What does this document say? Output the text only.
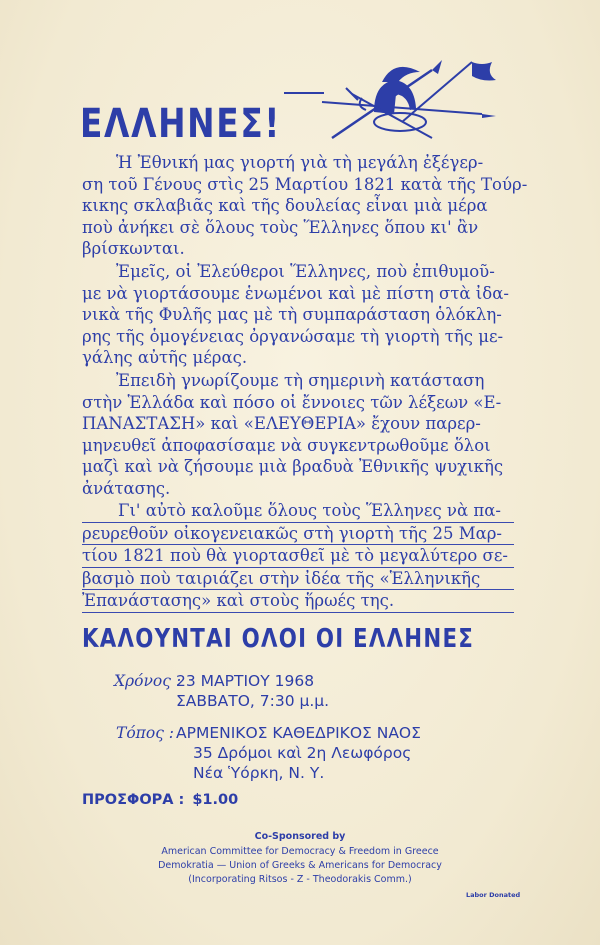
ΕΛΛΗΝΕΣ!
Ἡ Ἐθνική μας γιορτή γιὰ τὴ μεγάλη ἐξέγερ-
ση τοῦ Γένους στὶς 25 Μαρτίου 1821 κατὰ τῆς Τούρ-
κικης σκλαβιᾶς καὶ τῆς δουλείας εἶναι μιὰ μέρα
ποὺ ἀνήκει σὲ ὅλους τοὺς Ἕλληνες ὅπου κι' ἂν
βρίσκωνται.
Ἐμεῖς, οἱ Ἐλεύθεροι Ἕλληνες, ποὺ ἐπιθυμοῦ-
με νὰ γιορτάσουμε ἑνωμένοι καὶ μὲ πίστη στὰ ἰδα-
νικὰ τῆς Φυλῆς μας μὲ τὴ συμπαράσταση ὁλόκλη-
ρης τῆς ὁμογένειας ὀργανώσαμε τὴ γιορτὴ τῆς με-
γάλης αὐτῆς μέρας.
Ἐπειδὴ γνωρίζουμε τὴ σημερινὴ κατάσταση
στὴν Ἑλλάδα καὶ πόσο οἱ ἔννοιες τῶν λέξεων «Ε-
ΠΑΝΑΣΤΑΣΗ» καὶ «ΕΛΕΥΘΕΡΙΑ» ἔχουν παρερ-
μηνευθεῖ ἀποφασίσαμε νὰ συγκεντρωθοῦμε ὅλοι
μαζὶ καὶ νὰ ζήσουμε μιὰ βραδυὰ Ἐθνικῆς ψυχικῆς
ἀνάτασης.
Γι' αὐτὸ καλοῦμε ὅλους τοὺς Ἕλληνες νὰ πα-
ρευρεθοῦν οἰκογενειακῶς στὴ γιορτὴ τῆς 25 Μαρ-
τίου 1821 ποὺ θὰ γιορτασθεῖ μὲ τὸ μεγαλύτερο σε-
βασμὸ ποὺ ταιριάζει στὴν ἰδέα τῆς «Ἑλληνικῆς
Ἐπανάστασης» καὶ στοὺς ἥρωές της.
ΚΑΛΟΥΝΤΑΙ ΟΛΟΙ ΟΙ ΕΛΛΗΝΕΣ
Χρόνος :
23 ΜΑΡΤΙΟΥ 1968
ΣΑΒΒΑΤΟ, 7:30 μ.μ.
Τόπος : ΑΡΜΕΝΙΚΟΣ ΚΑΘΕΔΡΙΚΟΣ ΝΑΟΣ
35 Δρόμοι καὶ 2η Λεωφόρος
Νέα Ὑόρκη, Ν. Υ.
ΠΡΟΣΦΟΡΑ : $1.00
Co-Sponsored by
American Committee for Democracy & Freedom in Greece
Demokratia — Union of Greeks & Americans for Democracy
(Incorporating Ritsos - Z - Theodorakis Comm.)
Labor Donated
